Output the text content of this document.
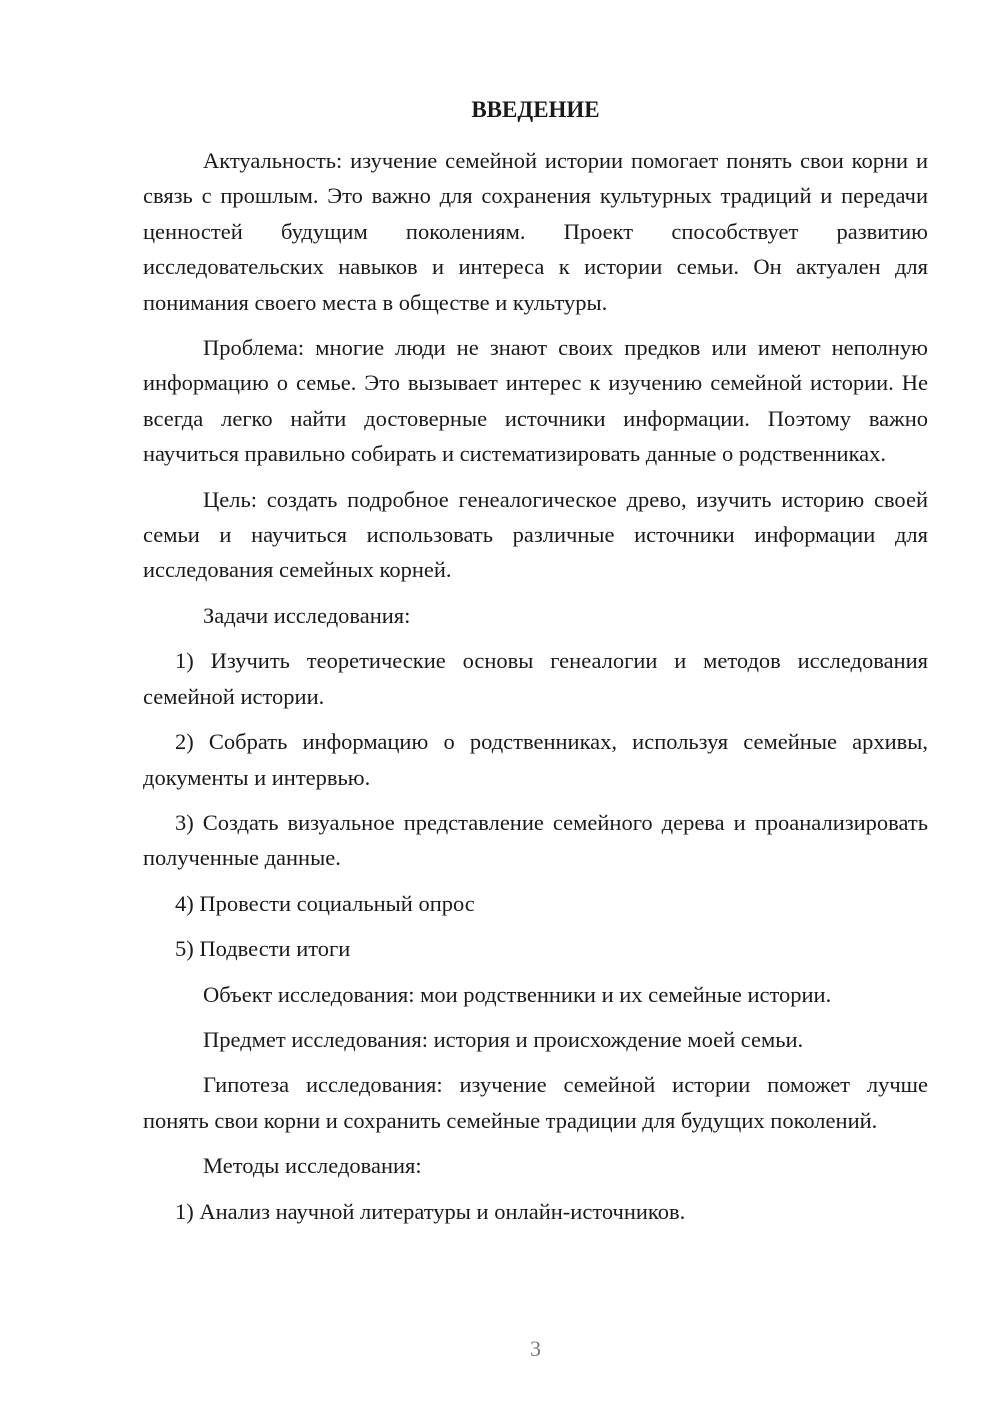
ВВЕДЕНИЕ

Актуальность: изучение семейной истории помогает понять свои корни и связь с прошлым. Это важно для сохранения культурных традиций и передачи ценностей будущим поколениям. Проект способствует развитию исследовательских навыков и интереса к истории семьи. Он актуален для понимания своего места в обществе и культуры.

Проблема: многие люди не знают своих предков или имеют неполную информацию о семье. Это вызывает интерес к изучению семейной истории. Не всегда легко найти достоверные источники информации. Поэтому важно научиться правильно собирать и систематизировать данные о родственниках.

Цель: создать подробное генеалогическое древо, изучить историю своей семьи и научиться использовать различные источники информации для исследования семейных корней.

Задачи исследования:

1) Изучить теоретические основы генеалогии и методов исследования семейной истории.

2) Собрать информацию о родственниках, используя семейные архивы, документы и интервью.

3) Создать визуальное представление семейного дерева и проанализировать полученные данные.

4) Провести социальный опрос

5) Подвести итоги

Объект исследования: мои родственники и их семейные истории.

Предмет исследования: история и происхождение моей семьи.

Гипотеза исследования: изучение семейной истории поможет лучше понять свои корни и сохранить семейные традиции для будущих поколений.

Методы исследования:

1) Анализ научной литературы и онлайн-источников.

3
